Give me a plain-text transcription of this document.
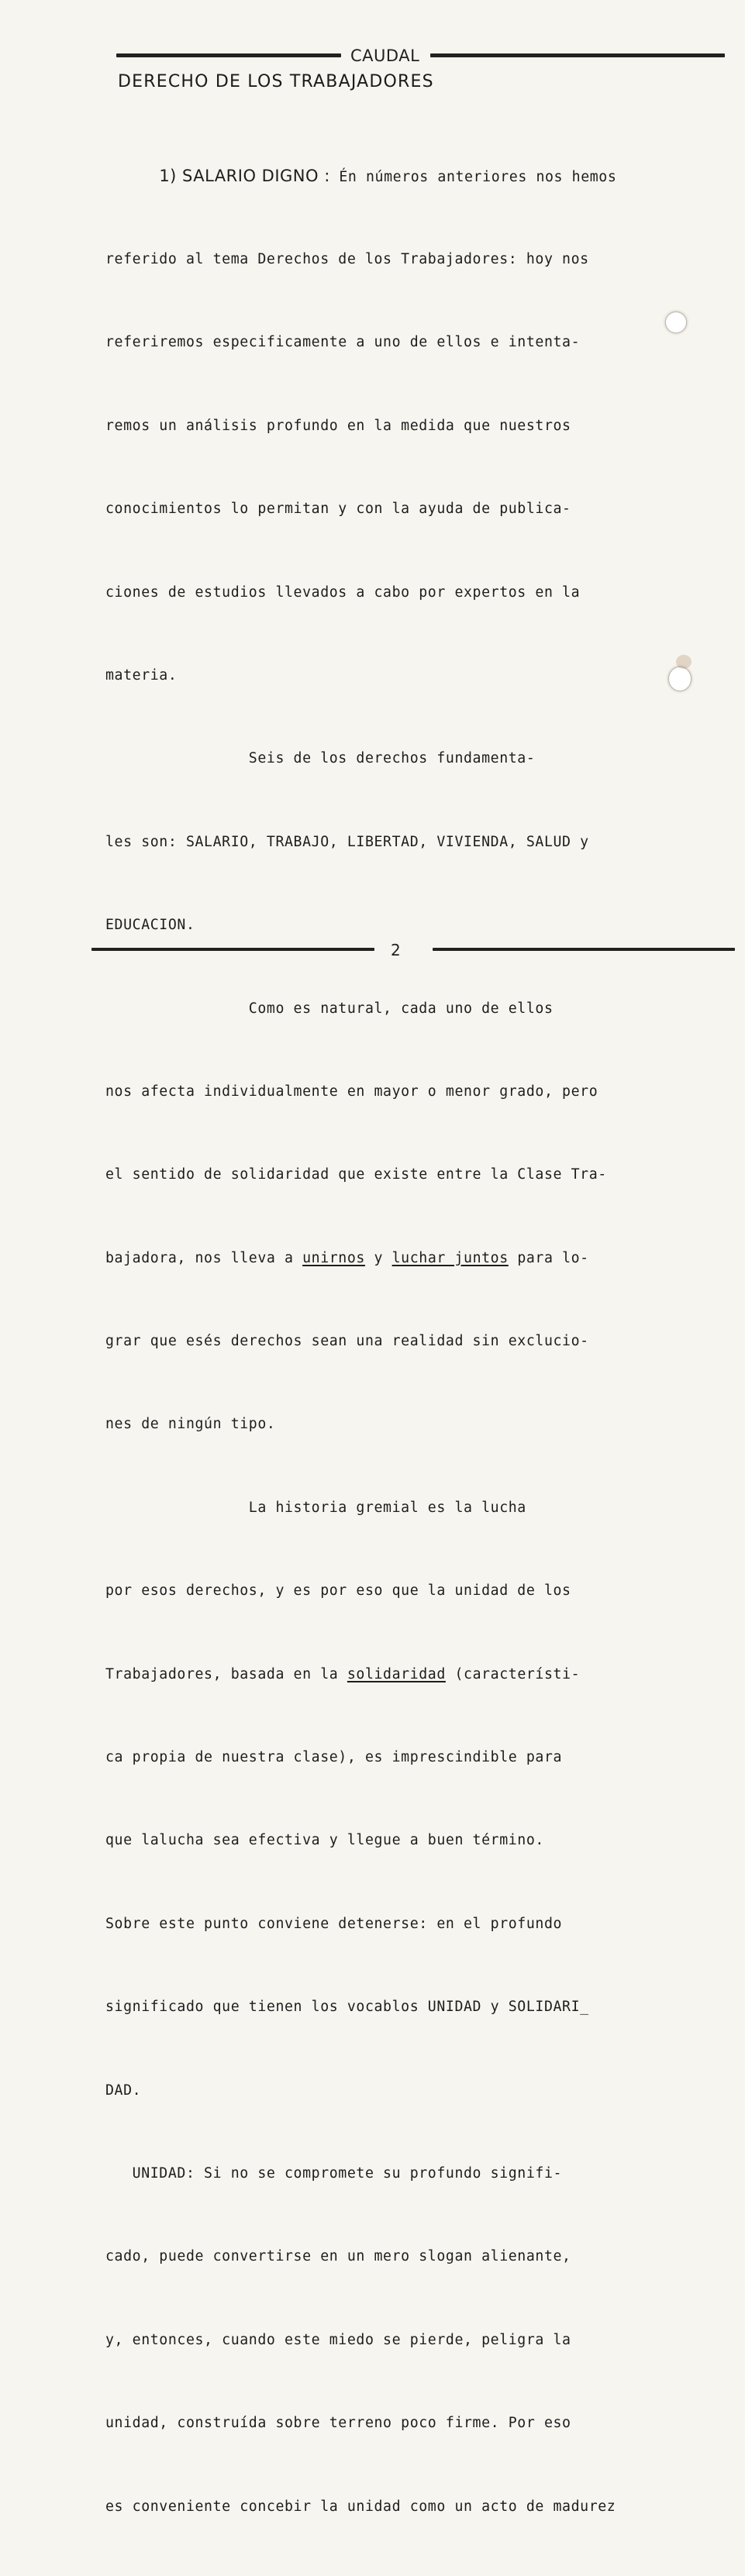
CAUDAL
DERECHO DE LOS TRABAJADORES

1) SALARIO DIGNO : Én números anteriores nos hemos

referido al tema Derechos de los Trabajadores: hoy nos

referiremos especificamente a uno de ellos e intenta-

remos un análisis profundo en la medida que nuestros

conocimientos lo permitan y con la ayuda de publica-

ciones de estudios llevados a cabo por expertos en la

materia.

Seis de los derechos fundamenta-

les son: SALARIO, TRABAJO, LIBERTAD, VIVIENDA, SALUD y

EDUCACION.

Como es natural, cada uno de ellos

nos afecta individualmente en mayor o menor grado, pero

el sentido de solidaridad que existe entre la Clase Tra-

bajadora, nos lleva a unirnos y luchar juntos para lo-

grar que esés derechos sean una realidad sin exclucio-

nes de ningún tipo.

La historia gremial es la lucha

por esos derechos, y es por eso que la unidad de los

Trabajadores, basada en la solidaridad (característi-

ca propia de nuestra clase), es imprescindible para

que lalucha sea efectiva y llegue a buen término.

Sobre este punto conviene detenerse: en el profundo

significado que tienen los vocablos UNIDAD y SOLIDARI_

DAD.

UNIDAD: Si no se compromete su profundo signifi-

cado, puede convertirse en un mero slogan alienante,

y, entonces, cuando este miedo se pierde, peligra la

unidad, construída sobre terreno poco firme. Por eso

es conveniente concebir la unidad como un acto de madurez

2
